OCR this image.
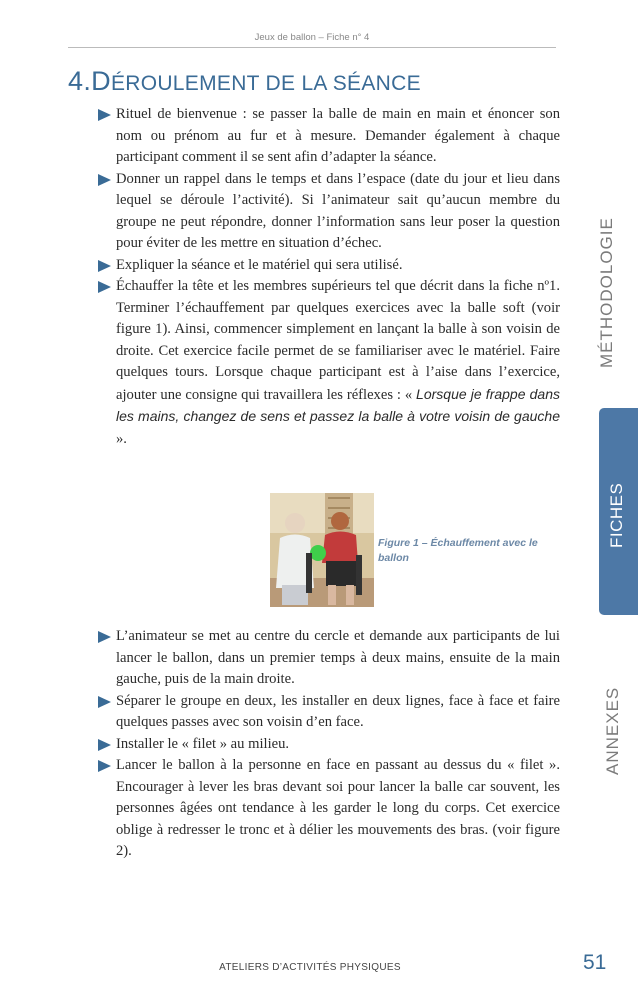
Jeux de ballon – Fiche n° 4
4.DÉROULEMENT DE LA SÉANCE
Rituel de bienvenue : se passer la balle de main en main et énoncer son nom ou prénom au fur et à mesure. Demander également à chaque participant comment il se sent afin d’adapter la séance.
Donner un rappel dans le temps et dans l’espace (date du jour et lieu dans lequel se déroule l’activité). Si l’animateur sait qu’aucun membre du groupe ne peut répondre, donner l’information sans leur poser la question pour éviter de les mettre en situation d’échec.
Expliquer la séance et le matériel qui sera utilisé.
Échauffer la tête et les membres supérieurs tel que décrit dans la fiche nº1. Terminer l’échauffement par quelques exercices avec la balle soft (voir figure 1). Ainsi, commencer simplement en lançant la balle à son voisin de droite. Cet exercice facile permet de se familiariser avec le matériel. Faire quelques tours. Lorsque chaque participant est à l’aise dans l’exercice, ajouter une consigne qui travaillera les réflexes : « Lorsque je frappe dans les mains, changez de sens et passez la balle à votre voisin de gauche ».
Figure 1 – Échauffement avec le ballon
L’animateur se met au centre du cercle et demande aux participants de lui lancer le ballon, dans un premier temps à deux mains, ensuite de la main gauche, puis de la main droite.
Séparer le groupe en deux, les installer en deux lignes, face à face et faire quelques passes avec son voisin d’en face.
Installer le « filet » au milieu.
Lancer le ballon à la personne en face en passant au dessus du « filet ». Encourager à lever les bras devant soi pour lancer la balle car souvent, les personnes âgées ont tendance à les garder le long du corps. Cet exercice oblige à redresser le tronc et à délier les mouvements des bras. (voir figure 2).
MÉTHODOLOGIE
FICHES
ANNEXES
ATELIERS D’ACTIVITÉS PHYSIQUES	51
